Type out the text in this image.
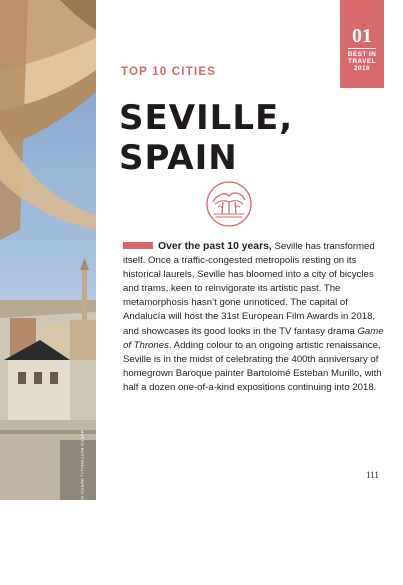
MARCO BOTTIGELLI | MARCO GUERRA/GETTY IMAGES/ISTOCK PHOTO
01
BEST IN
TRAVEL
2018
TOP 10 CITIES
SEVILLE,
SPAIN

Over the past 10 years, Seville has transformed itself. Once a traffic-congested metropolis resting on its historical laurels, Seville has bloomed into a city of bicycles and trams, keen to reinvigorate its artistic past. The metamorphosis hasn’t gone unnoticed. The capital of Andalucía will host the 31st European Film Awards in 2018, and showcases its good looks in the TV fantasy drama Game of Thrones. Adding colour to an ongoing artistic renaissance, Seville is in the midst of celebrating the 400th anniversary of homegrown Baroque painter Bartolomé Esteban Murillo, with half a dozen one-of-a-kind expositions continuing into 2018.

111
